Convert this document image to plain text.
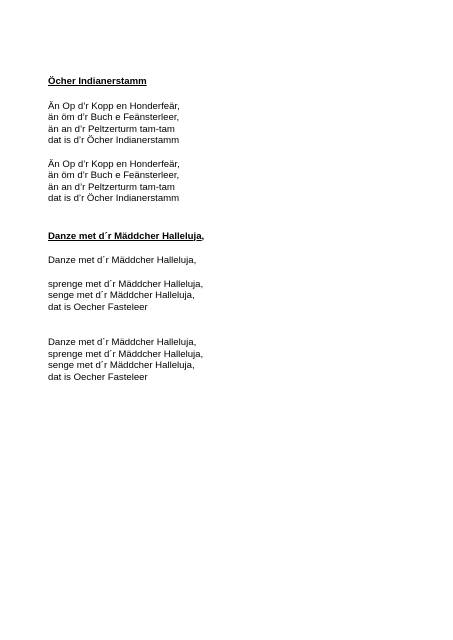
Öcher Indianerstamm
Än Op d’r Kopp en Honderfeär,
än öm d’r Buch e Feänsterleer,
än an d’r Peltzerturm tam-tam
dat is d’r Öcher Indianerstamm
Än Op d’r Kopp en Honderfeär,
än öm d’r Buch e Feänsterleer,
än an d’r Peltzerturm tam-tam
dat is d’r Öcher Indianerstamm
Danze met d´r Mäddcher Halleluja,
Danze met d´r Mäddcher Halleluja,
sprenge met d´r Mäddcher Halleluja,
senge met d´r Mäddcher Halleluja,
dat is Oecher Fasteleer
Danze met d´r Mäddcher Halleluja,
sprenge met d´r Mäddcher Halleluja,
senge met d´r Mäddcher Halleluja,
dat is Oecher Fasteleer
